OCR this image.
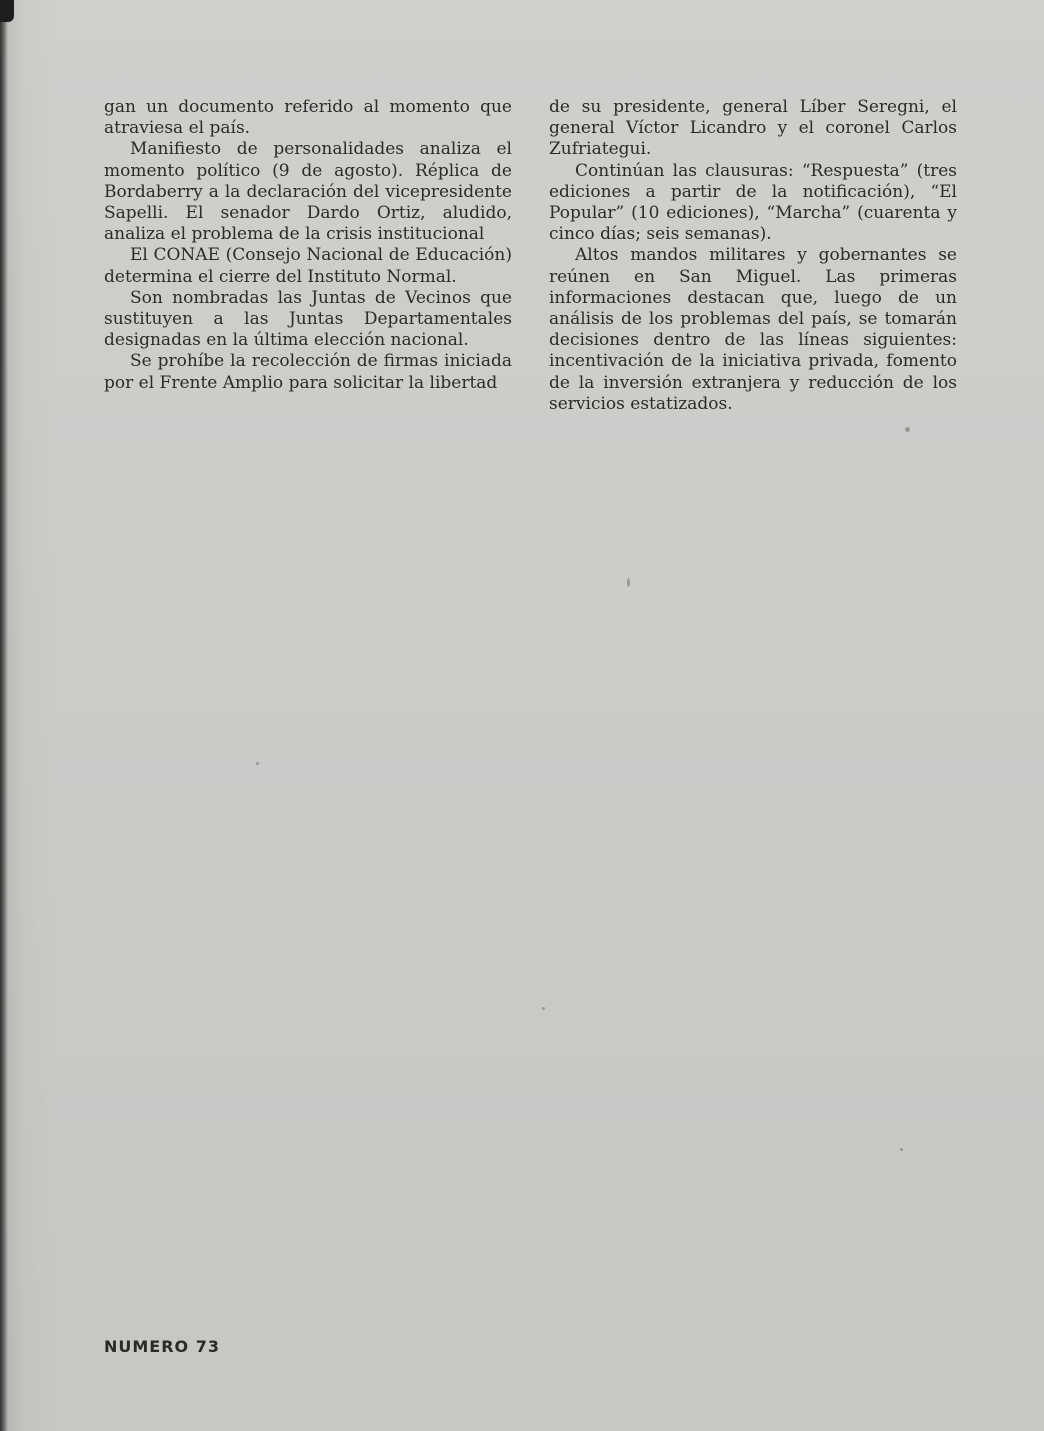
gan un documento referido al momento que atraviesa el país.

Manifiesto de personalidades analiza el momento político (9 de agosto). Réplica de Bordaberry a la declaración del vicepresidente Sapelli. El senador Dardo Ortiz, aludido, analiza el problema de la crisis institucional

El CONAE (Consejo Nacional de Educación) determina el cierre del Instituto Normal.

Son nombradas las Juntas de Vecinos que sustituyen a las Juntas Departamentales designadas en la última elección nacional.

Se prohíbe la recolección de firmas iniciada por el Frente Amplio para solicitar la libertad

de su presidente, general Líber Seregni, el general Víctor Licandro y el coronel Carlos Zufriategui.

Continúan las clausuras: “Respuesta” (tres ediciones a partir de la notificación), “El Popular” (10 ediciones), “Marcha” (cuarenta y cinco días; seis semanas).

Altos mandos militares y gobernantes se reúnen en San Miguel. Las primeras informaciones destacan que, luego de un análisis de los problemas del país, se tomarán decisiones dentro de las líneas siguientes: incentivación de la iniciativa privada, fomento de la inversión extranjera y reducción de los servicios estatizados.

NUMERO 73
